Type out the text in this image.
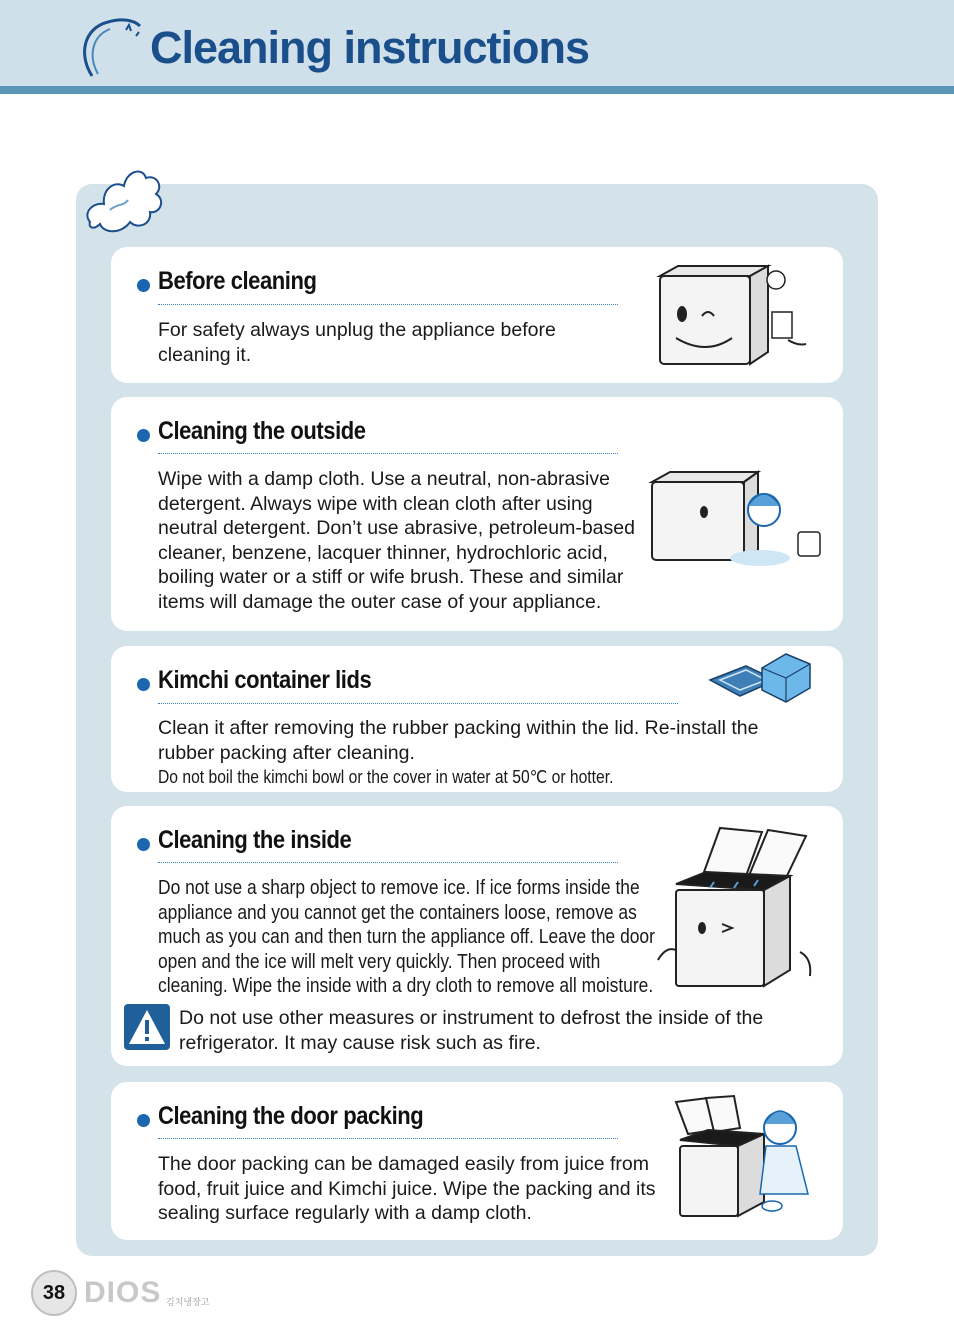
Cleaning instructions
Before cleaning
For safety always unplug the appliance before
cleaning it.
Cleaning the outside
Wipe with a damp cloth. Use a neutral, non-abrasive
detergent. Always wipe with clean cloth after using
neutral detergent. Don’t use abrasive, petroleum-based
cleaner, benzene, lacquer thinner, hydrochloric acid,
boiling water or a stiff or wife brush. These and similar
items will damage the outer case of your appliance.
Kimchi container lids
Clean it after removing the rubber packing within the lid. Re-install the
rubber packing after cleaning.
Do not boil the kimchi bowl or the cover in water at 50℃ or hotter.
Cleaning the inside
Do not use a sharp object to remove ice. If ice forms inside the
appliance and you cannot get the containers loose, remove as
much as you can and then turn the appliance off. Leave the door
open and the ice will melt very quickly. Then proceed with
cleaning. Wipe the inside with a dry cloth to remove all moisture.
Do not use other measures or instrument to defrost the inside of the
refrigerator. It may cause risk such as fire.
Cleaning the door packing
The door packing can be damaged easily from juice from
food, fruit juice and Kimchi juice. Wipe the packing and its
sealing surface regularly with a damp cloth.
38 DIOS 김치냉장고
